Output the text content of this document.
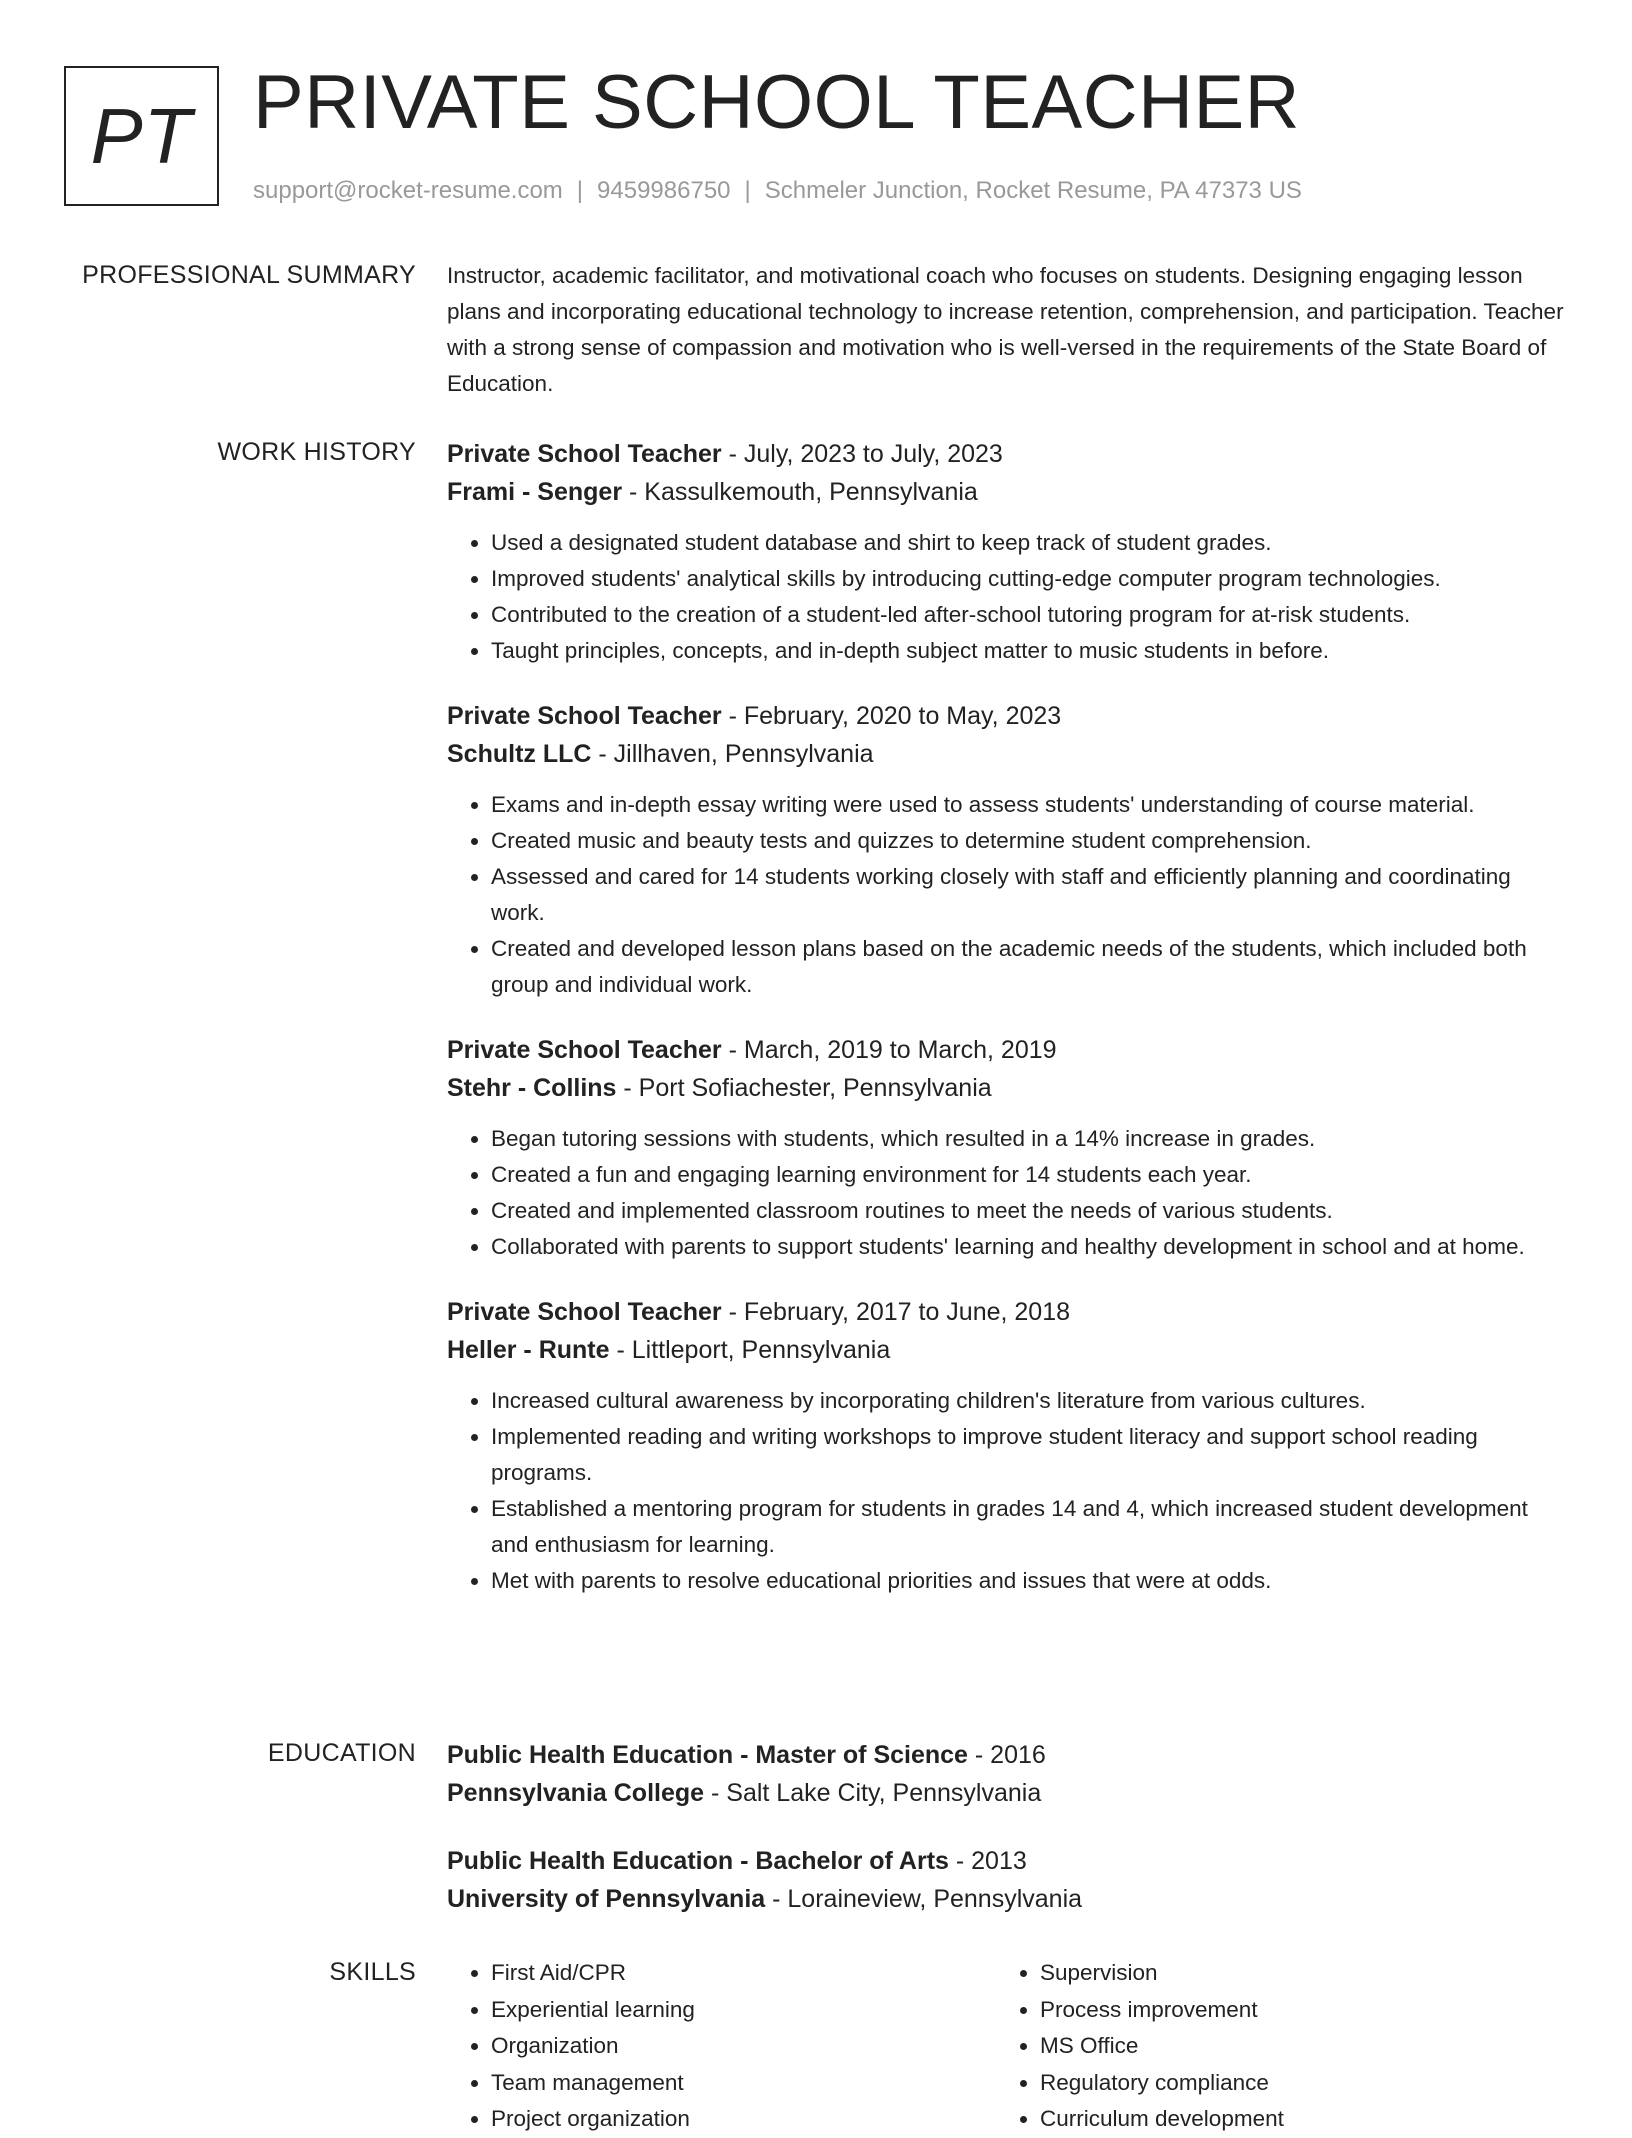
PT PRIVATE SCHOOL TEACHER
support@rocket-resume.com | 9459986750 | Schmeler Junction, Rocket Resume, PA 47373 US
PROFESSIONAL SUMMARY Instructor, academic facilitator, and motivational coach who focuses on students. Designing engaging lesson plans and incorporating educational technology to increase retention, comprehension, and participation. Teacher with a strong sense of compassion and motivation who is well-versed in the requirements of the State Board of Education.

WORK HISTORY Private School Teacher - July, 2023 to July, 2023
Frami - Senger - Kassulkemouth, Pennsylvania
• Used a designated student database and shirt to keep track of student grades.
• Improved students' analytical skills by introducing cutting-edge computer program technologies.
• Contributed to the creation of a student-led after-school tutoring program for at-risk students.
• Taught principles, concepts, and in-depth subject matter to music students in before.
Private School Teacher - February, 2020 to May, 2023
Schultz LLC - Jillhaven, Pennsylvania
• Exams and in-depth essay writing were used to assess students' understanding of course material.
• Created music and beauty tests and quizzes to determine student comprehension.
• Assessed and cared for 14 students working closely with staff and efficiently planning and coordinating work.
• Created and developed lesson plans based on the academic needs of the students, which included both group and individual work.
Private School Teacher - March, 2019 to March, 2019
Stehr - Collins - Port Sofiachester, Pennsylvania
• Began tutoring sessions with students, which resulted in a 14% increase in grades.
• Created a fun and engaging learning environment for 14 students each year.
• Created and implemented classroom routines to meet the needs of various students.
• Collaborated with parents to support students' learning and healthy development in school and at home.
Private School Teacher - February, 2017 to June, 2018
Heller - Runte - Littleport, Pennsylvania
• Increased cultural awareness by incorporating children's literature from various cultures.
• Implemented reading and writing workshops to improve student literacy and support school reading programs.
• Established a mentoring program for students in grades 14 and 4, which increased student development and enthusiasm for learning.
• Met with parents to resolve educational priorities and issues that were at odds.
EDUCATION Public Health Education - Master of Science - 2016
Pennsylvania College - Salt Lake City, Pennsylvania
Public Health Education - Bachelor of Arts - 2013
University of Pennsylvania - Loraineview, Pennsylvania
SKILLS
•	First Aid/CPR
• Experiential learning
• Organization
• Team management
• Project organization
• Supervision
• Process improvement
• MS Office
• Regulatory compliance
• Curriculum development
